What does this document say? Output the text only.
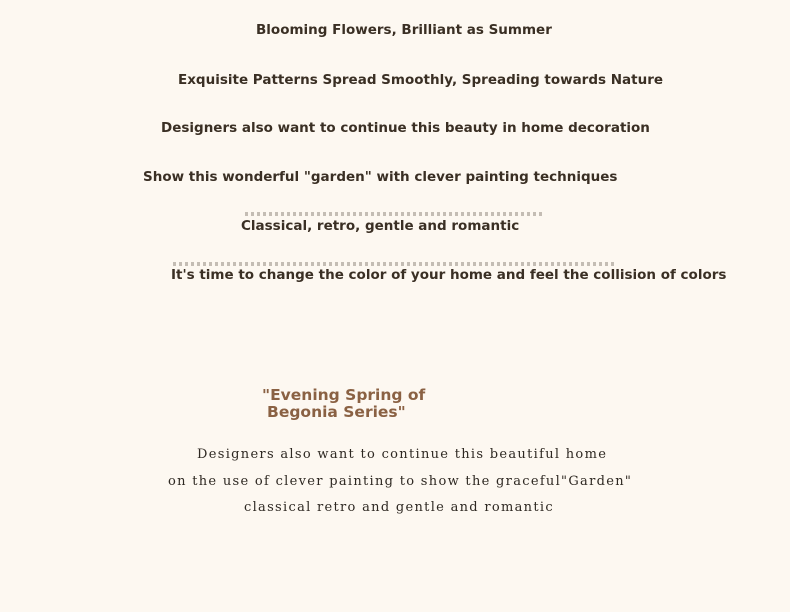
Blooming Flowers, Brilliant as Summer
Exquisite Patterns Spread Smoothly, Spreading towards Nature
Designers also want to continue this beauty in home decoration
Show this wonderful "garden" with clever painting techniques
Classical, retro, gentle and romantic
It's time to change the color of your home and feel the collision of colors
"Evening Spring of
Begonia Series"
Designers also want to continue this beautiful home
on the use of clever painting to show the graceful"Garden"
classical retro and gentle and romantic
